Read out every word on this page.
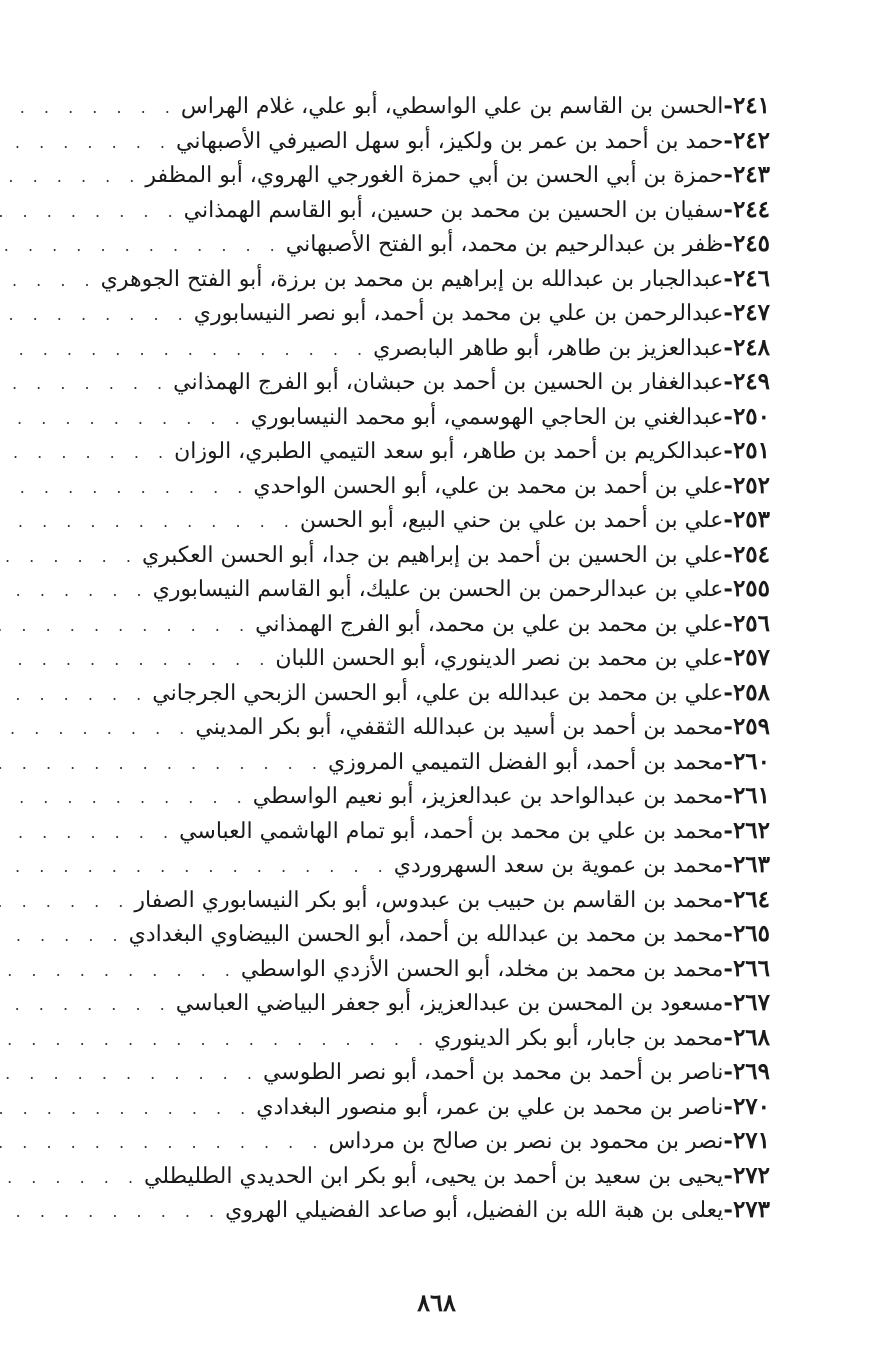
٢٤١-
الحسن بن القاسم بن علي الواسطي، أبو علي، غلام الهراس
. . .
٢٤٢-
حمد بن أحمد بن عمر بن ولكيز، أبو سهل الصيرفي الأصبهاني
. . .
٢٤٣-
حمزة بن أبي الحسن بن أبي حمزة الغورجي الهروي، أبو المظفر
. . .
٢٤٤-
سفيان بن الحسين بن محمد بن حسين، أبو القاسم الهمذاني
. . .
٢٤٥-
ظفر بن عبدالرحيم بن محمد، أبو الفتح الأصبهاني
. . .
٢٤٦-
عبدالجبار بن عبدالله بن إبراهيم بن محمد بن برزة، أبو الفتح الجوهري
. . .
٢٤٧-
عبدالرحمن بن علي بن محمد بن أحمد، أبو نصر النيسابوري
. . .
٢٤٨-
عبدالعزيز بن طاهر، أبو طاهر البابصري
. . .
٢٤٩-
عبدالغفار بن الحسين بن أحمد بن حبشان، أبو الفرج الهمذاني
. . .
٢٥٠-
عبدالغني بن الحاجي الهوسمي، أبو محمد النيسابوري
. . .
٢٥١-
عبدالكريم بن أحمد بن طاهر، أبو سعد التيمي الطبري، الوزان
. . .
٢٥٢-
علي بن أحمد بن محمد بن علي، أبو الحسن الواحدي
. . .
٢٥٣-
علي بن أحمد بن علي بن حني البيع، أبو الحسن
. . .
٢٥٤-
علي بن الحسين بن أحمد بن إبراهيم بن جدا، أبو الحسن العكبري
. . .
٢٥٥-
علي بن عبدالرحمن بن الحسن بن عليك، أبو القاسم النيسابوري
. . .
٢٥٦-
علي بن محمد بن علي بن محمد، أبو الفرج الهمذاني
. . .
٢٥٧-
علي بن محمد بن نصر الدينوري، أبو الحسن اللبان
. . .
٢٥٨-
علي بن محمد بن عبدالله بن علي، أبو الحسن الزبحي الجرجاني
. . .
٢٥٩-
محمد بن أحمد بن أسيد بن عبدالله الثقفي، أبو بكر المديني
. . .
٢٦٠-
محمد بن أحمد، أبو الفضل التميمي المروزي
. . .
٢٦١-
محمد بن عبدالواحد بن عبدالعزيز، أبو نعيم الواسطي
. . .
٢٦٢-
محمد بن علي بن محمد بن أحمد، أبو تمام الهاشمي العباسي
. . .
٢٦٣-
محمد بن عموية بن سعد السهروردي
. . .
٢٦٤-
محمد بن القاسم بن حبيب بن عبدوس، أبو بكر النيسابوري الصفار
. . .
٢٦٥-
محمد بن محمد بن عبدالله بن أحمد، أبو الحسن البيضاوي البغدادي
. . .
٢٦٦-
محمد بن محمد بن مخلد، أبو الحسن الأزدي الواسطي
. . .
٢٦٧-
مسعود بن المحسن بن عبدالعزيز، أبو جعفر البياضي العباسي
. . .
٢٦٨-
محمد بن جابار، أبو بكر الدينوري
. . .
٢٦٩-
ناصر بن أحمد بن محمد بن أحمد، أبو نصر الطوسي
. . .
٢٧٠-
ناصر بن محمد بن علي بن عمر، أبو منصور البغدادي
. . .
٢٧١-
نصر بن محمود بن نصر بن صالح بن مرداس
. . .
٢٧٢-
يحيى بن سعيد بن أحمد بن يحيى، أبو بكر ابن الحديدي الطليطلي
. . .
٢٧٣-
يعلى بن هبة الله بن الفضيل، أبو صاعد الفضيلي الهروي
. . .
٨٦٨
